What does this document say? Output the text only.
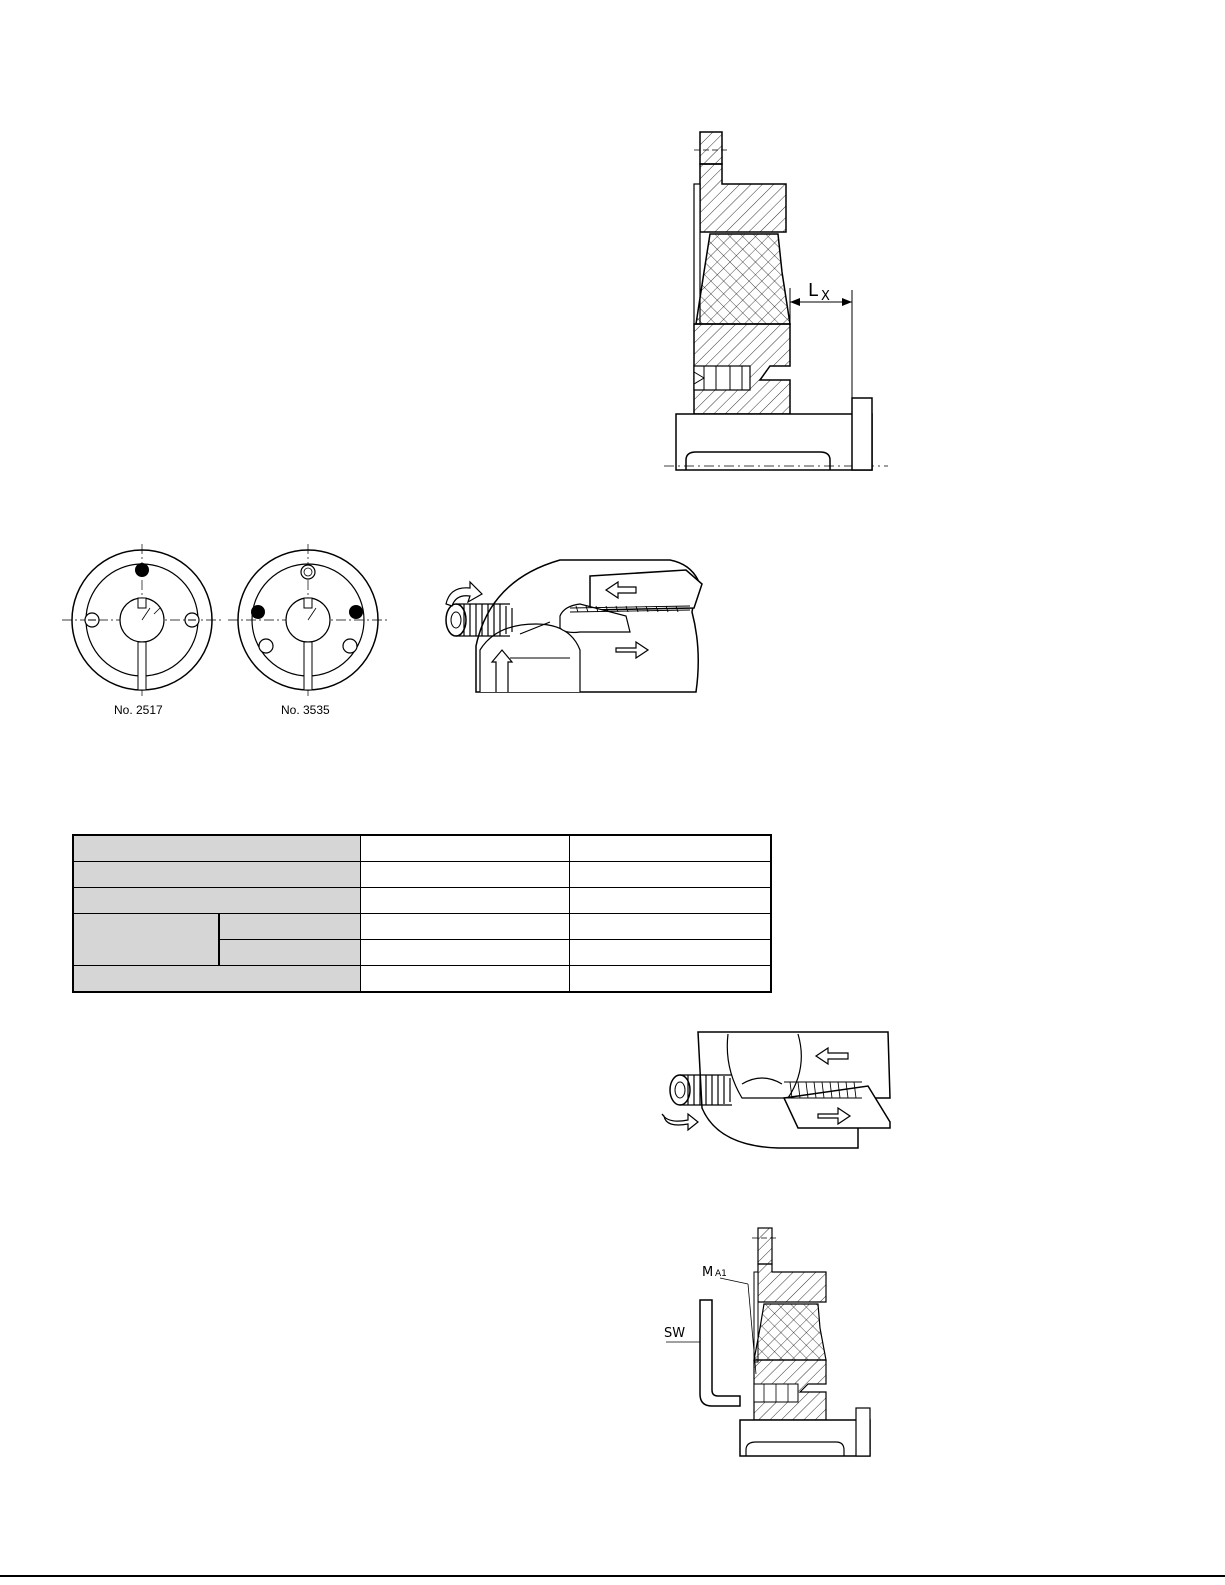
L X
No. 2517	No. 3535

M A1
SW
